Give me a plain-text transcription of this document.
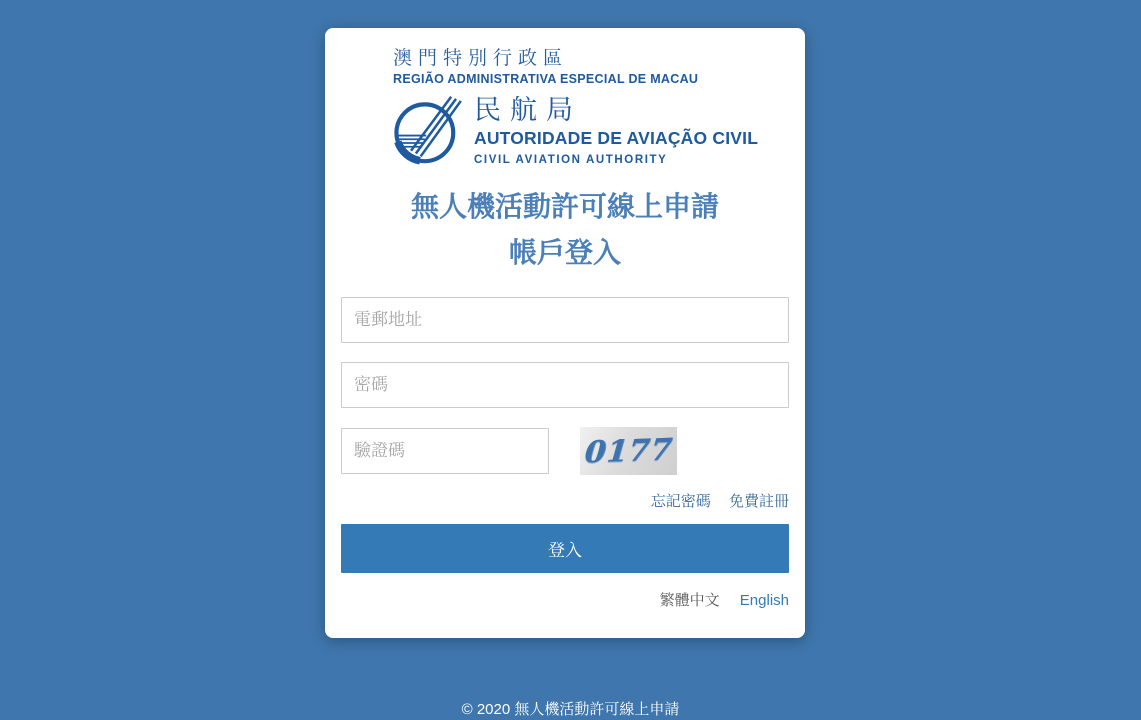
澳門特別行政區
REGIÃO ADMINISTRATIVA ESPECIAL DE MACAU
民航局
AUTORIDADE DE AVIAÇÃO CIVIL
CIVIL AVIATION AUTHORITY
無人機活動許可線上申請
帳戶登入
電郵地址
驗證碼
0177
忘記密碼 免費註冊
登入
繁體中文 English
© 2020 無人機活動許可線上申請
